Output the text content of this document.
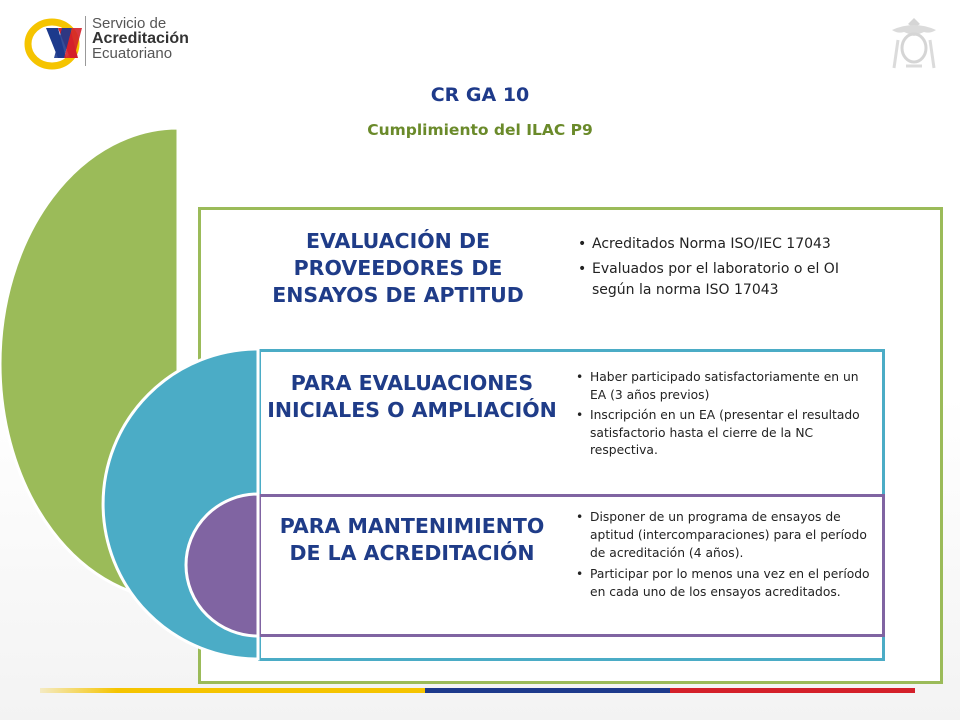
Servicio de
Acreditación
Ecuatoriano
CR GA 10
Cumplimiento del ILAC P9
EVALUACIÓN DE PROVEEDORES DE ENSAYOS DE APTITUD
PARA EVALUACIONES INICIALES O AMPLIACIÓN
PARA MANTENIMIENTO DE LA ACREDITACIÓN
• Acreditados Norma ISO/IEC 17043
• Evaluados por el laboratorio o el OI según la norma ISO 17043
• Haber participado satisfactoriamente en un EA (3 años previos)
• Inscripción en un EA (presentar el resultado satisfactorio hasta el cierre de la NC respectiva.
• Disponer de un programa de ensayos de aptitud (intercomparaciones) para el período de acreditación (4 años).
• Participar por lo menos una vez en el período en cada uno de los ensayos acreditados.
